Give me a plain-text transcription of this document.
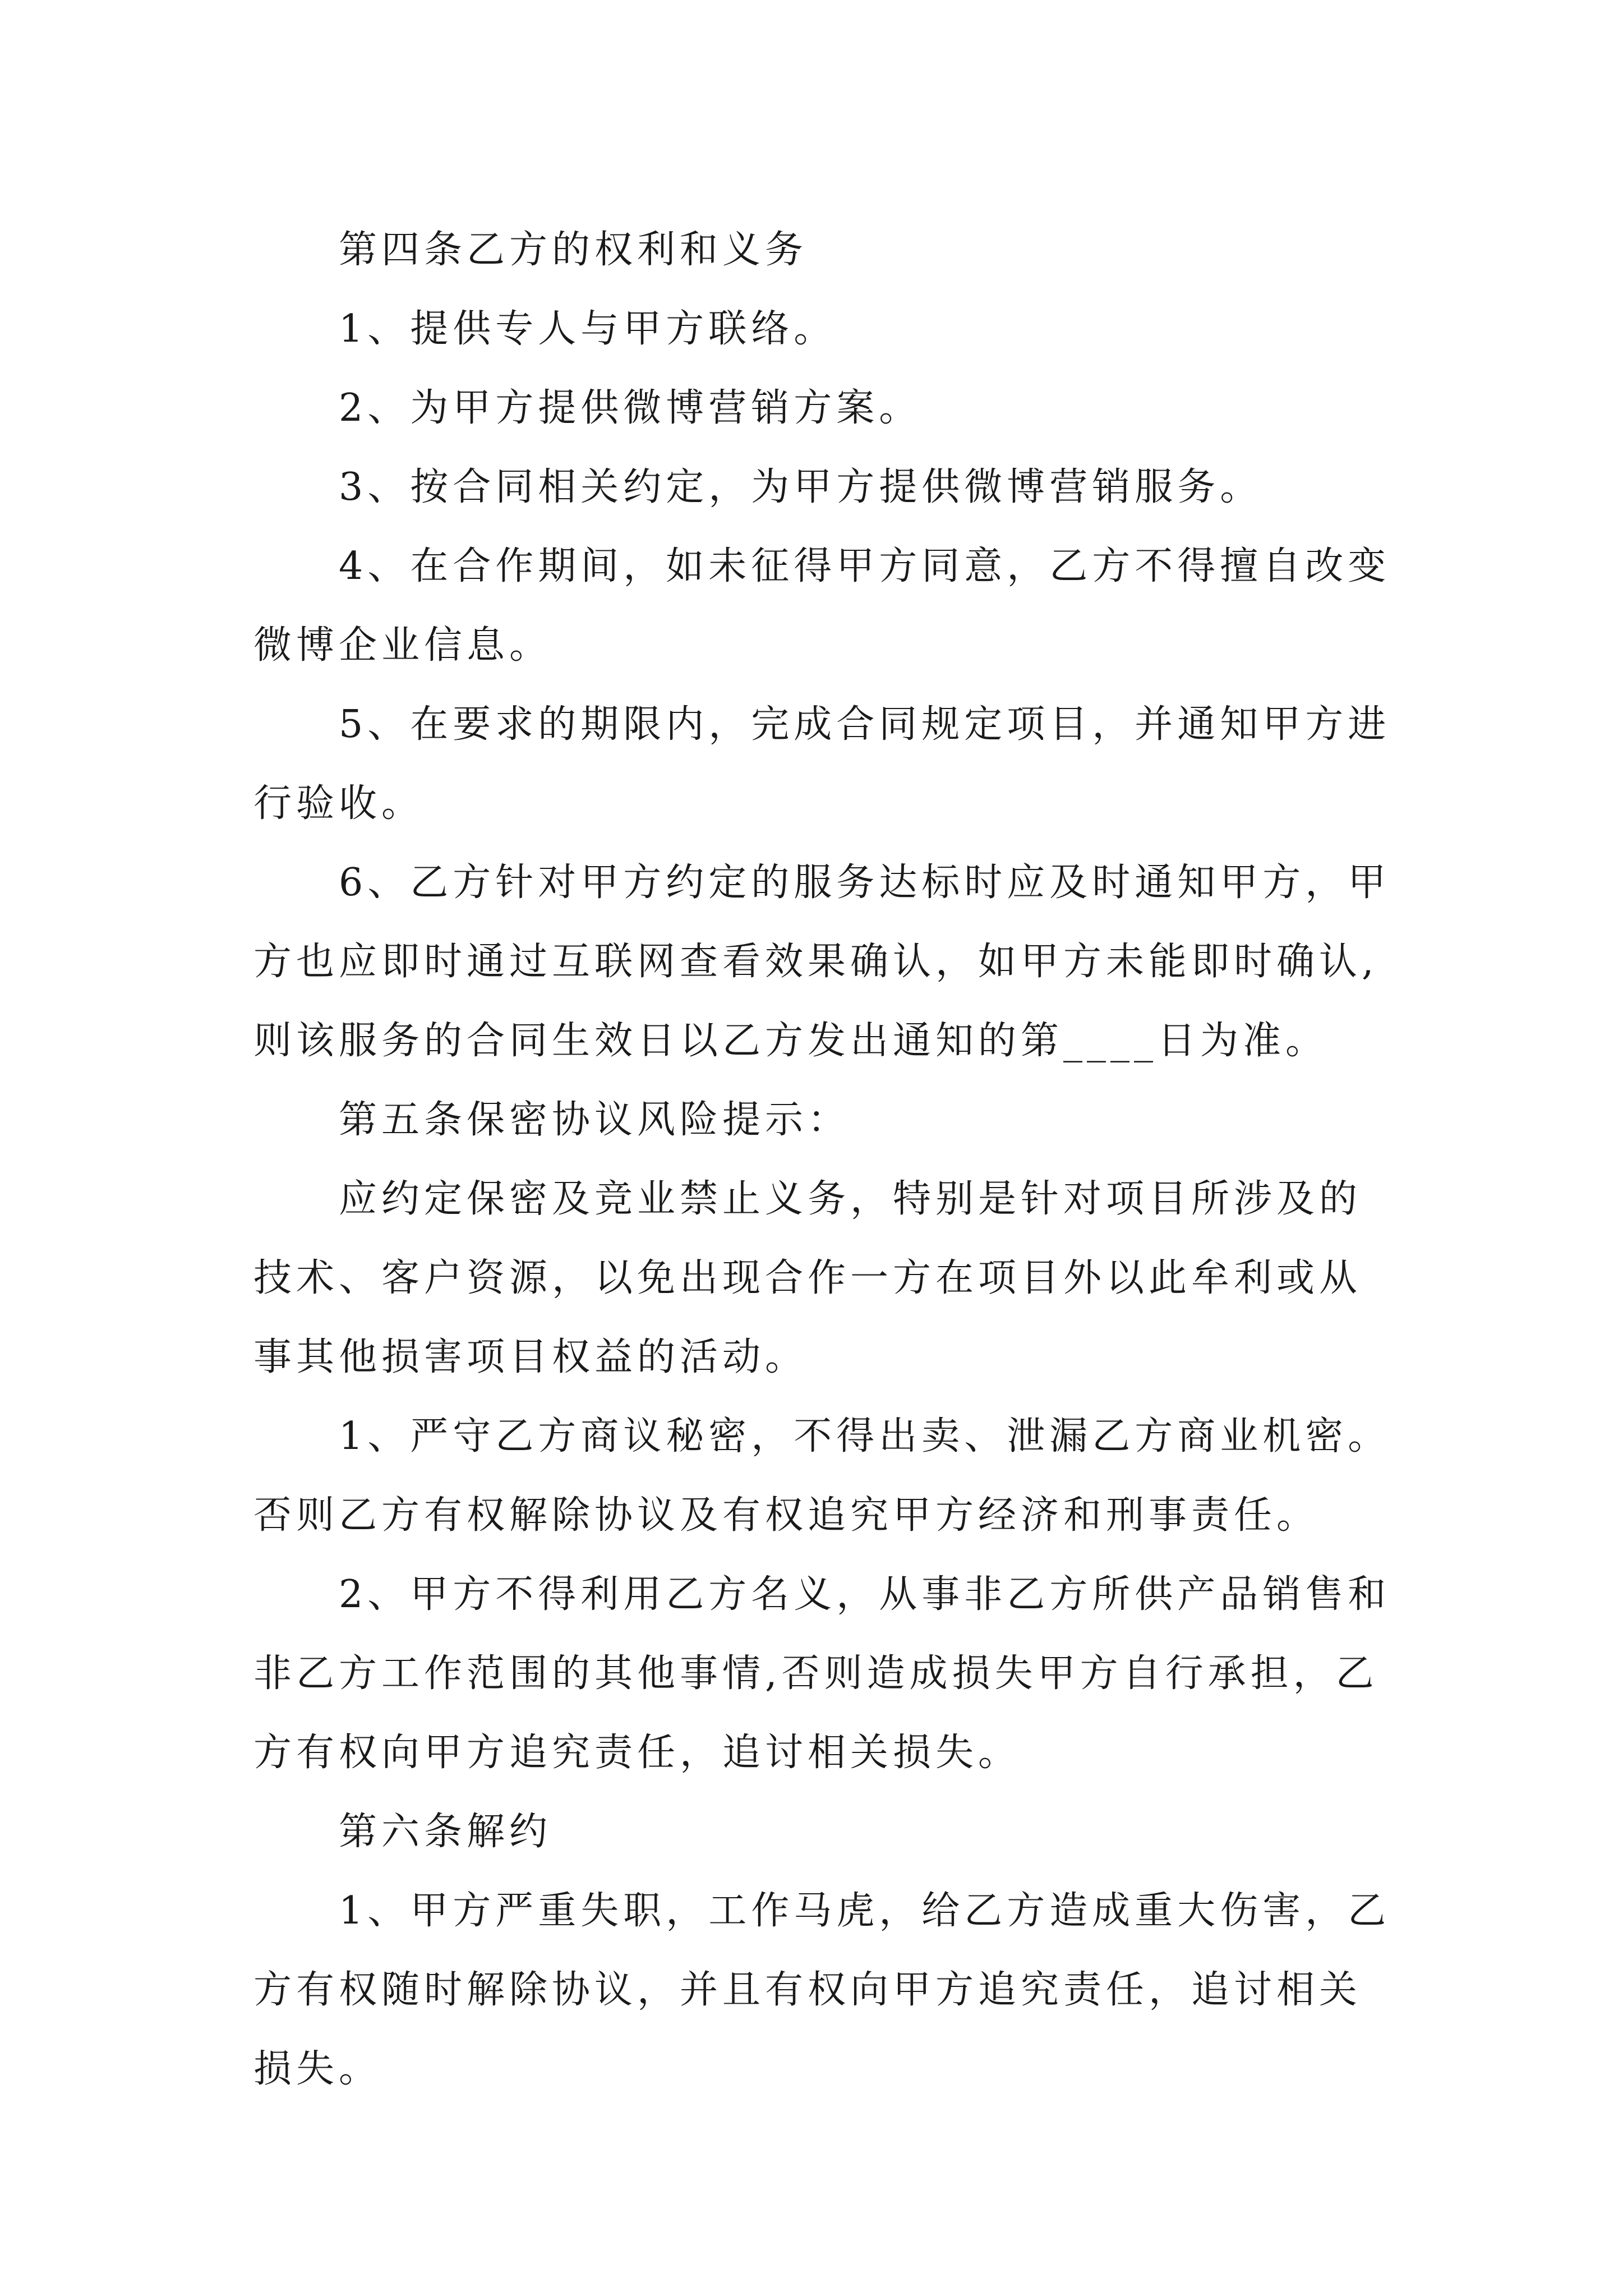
第四条乙方的权利和义务

1、提供专人与甲方联络。

2、为甲方提供微博营销方案。

3、按合同相关约定，为甲方提供微博营销服务。

4、在合作期间，如未征得甲方同意，乙方不得擅自改变微博企业信息。

5、在要求的期限内，完成合同规定项目，并通知甲方进行验收。

6、乙方针对甲方约定的服务达标时应及时通知甲方，甲方也应即时通过互联网查看效果确认，如甲方未能即时确认,则该服务的合同生效日以乙方发出通知的第____日为准。

第五条保密协议风险提示：

应约定保密及竞业禁止义务，特别是针对项目所涉及的技术、客户资源，以免出现合作一方在项目外以此牟利或从事其他损害项目权益的活动。

1、严守乙方商议秘密，不得出卖、泄漏乙方商业机密。否则乙方有权解除协议及有权追究甲方经济和刑事责任。

2、甲方不得利用乙方名义，从事非乙方所供产品销售和非乙方工作范围的其他事情,否则造成损失甲方自行承担，乙方有权向甲方追究责任，追讨相关损失。

第六条解约

1、甲方严重失职，工作马虎，给乙方造成重大伤害，乙方有权随时解除协议，并且有权向甲方追究责任，追讨相关损失。
